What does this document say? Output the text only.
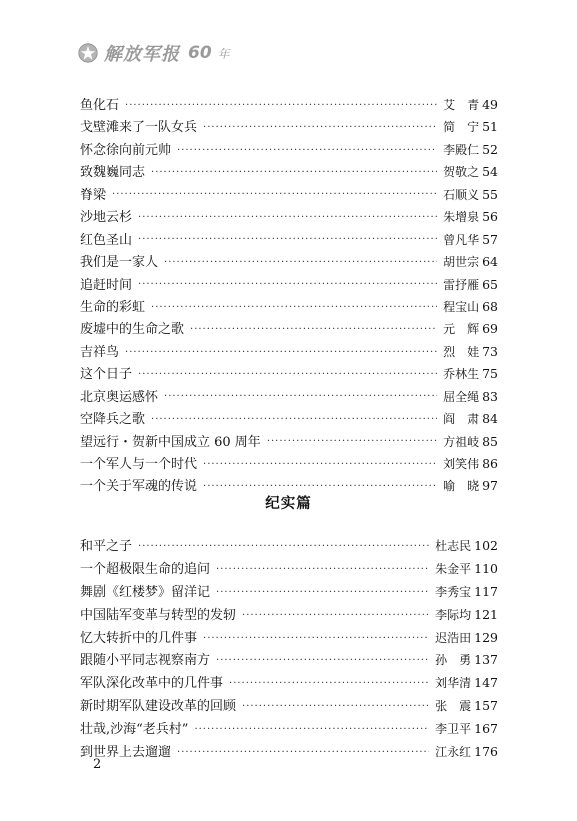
解放军报 60 年
鱼化石 ·····	艾　青 49
戈壁滩来了一队女兵 ·····	简　宁 51
怀念徐向前元帅 ·····	李殿仁 52
致魏巍同志 ·····	贺敬之 54
脊梁 ·····	石顺义 55
沙地云杉 ·····	朱增泉 56
红色圣山 ·····	曾凡华 57
我们是一家人 ·····	胡世宗 64
追赶时间 ·····	雷抒雁 65
生命的彩虹 ·····	程宝山 68
废墟中的生命之歌 ·····	元　辉 69
吉祥鸟 ·····	烈　娃 73
这个日子 ·····	乔林生 75
北京奥运感怀 ·····	屈全绳 83
空降兵之歌 ·····	阎　肃 84
望远行・贺新中国成立 60 周年 ·····	方祖岐 85
一个军人与一个时代 ·····	刘笑伟 86
一个关于军魂的传说 ·····	喻　晓 97
纪实篇
和平之子 ·····	杜志民 102
一个超极限生命的追问 ·····	朱金平 110
舞剧《红楼梦》留洋记 ·····	李秀宝 117
中国陆军变革与转型的发轫 ·····	李际均 121
忆大转折中的几件事 ·····	迟浩田 129
跟随小平同志视察南方 ·····	孙　勇 137
军队深化改革中的几件事 ·····	刘华清 147
新时期军队建设改革的回顾 ·····	张　震 157
壮哉,沙海“老兵村” ·····	李卫平 167
到世界上去遛遛 ·····	江永红 176
2
